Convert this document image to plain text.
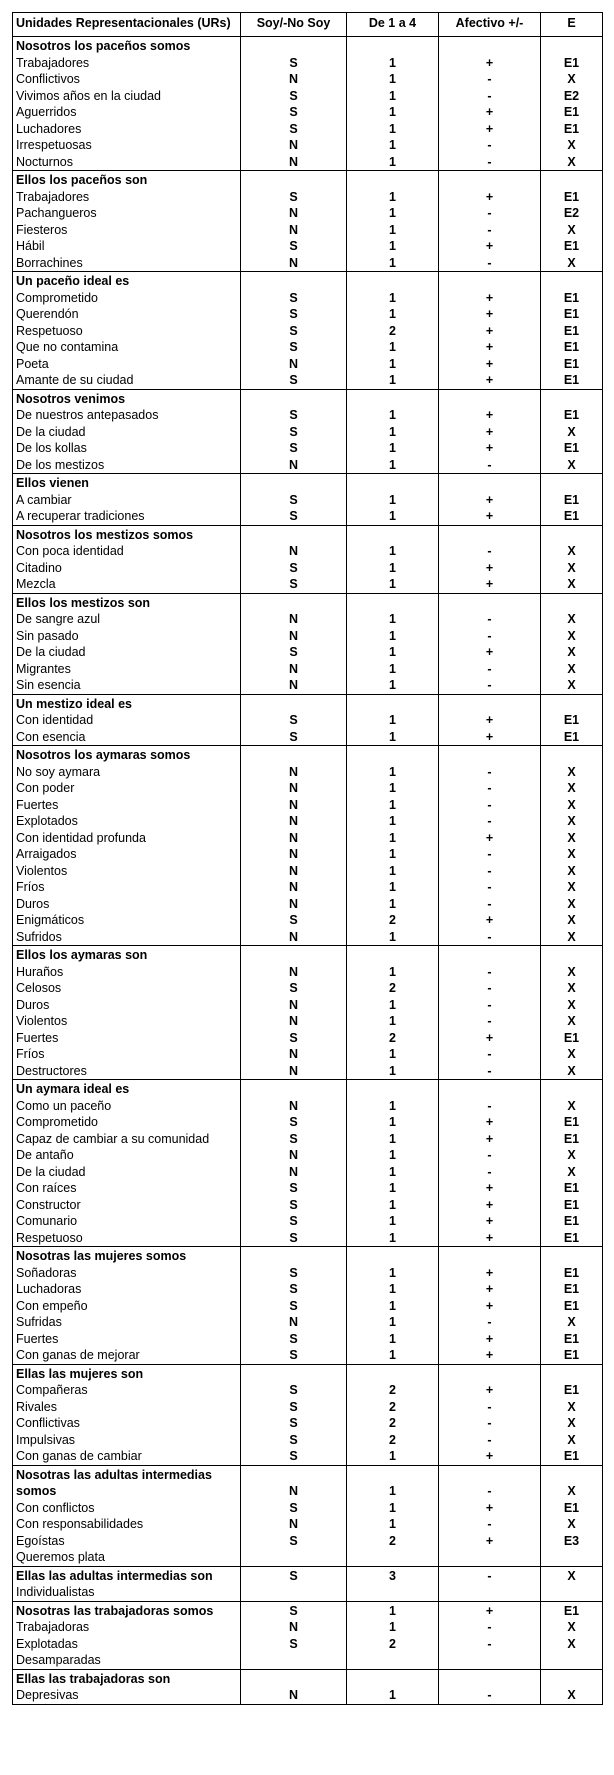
Unidades Representacionales (URs)	Soy/-No Soy	De 1 a 4	Afectivo +/-	E
Nosotros los paceños somos				
Trabajadores	S	1	+	E1
Conflictivos	N	1	-	X
Vivimos años en la ciudad	S	1	-	E2
Aguerridos	S	1	+	E1
Luchadores	S	1	+	E1
Irrespetuosas	N	1	-	X
Nocturnos	N	1	-	X
Ellos los paceños son				
Trabajadores	S	1	+	E1
Pachangueros	N	1	-	E2
Fiesteros	N	1	-	X
Hábil	S	1	+	E1
Borrachines	N	1	-	X
Un paceño ideal es				
Comprometido	S	1	+	E1
Querendón	S	1	+	E1
Respetuoso	S	2	+	E1
Que no contamina	S	1	+	E1
Poeta	N	1	+	E1
Amante de su ciudad	S	1	+	E1
Nosotros venimos				
De nuestros antepasados	S	1	+	E1
De la ciudad	S	1	+	X
De los kollas	S	1	+	E1
De los mestizos	N	1	-	X
Ellos vienen				
A cambiar	S	1	+	E1
A recuperar tradiciones	S	1	+	E1
Nosotros los mestizos somos				
Con poca identidad	N	1	-	X
Citadino	S	1	+	X
Mezcla	S	1	+	X
Ellos los mestizos son				
De sangre azul	N	1	-	X
Sin pasado	N	1	-	X
De la ciudad	S	1	+	X
Migrantes	N	1	-	X
Sin esencia	N	1	-	X
Un mestizo ideal es				
Con identidad	S	1	+	E1
Con esencia	S	1	+	E1
Nosotros los aymaras somos				
No soy aymara	N	1	-	X
Con poder	N	1	-	X
Fuertes	N	1	-	X
Explotados	N	1	-	X
Con identidad profunda	N	1	+	X
Arraigados	N	1	-	X
Violentos	N	1	-	X
Fríos	N	1	-	X
Duros	N	1	-	X
Enigmáticos	S	2	+	X
Sufridos	N	1	-	X
Ellos los aymaras son				
Huraños	N	1	-	X
Celosos	S	2	-	X
Duros	N	1	-	X
Violentos	N	1	-	X
Fuertes	S	2	+	E1
Fríos	N	1	-	X
Destructores	N	1	-	X
Un aymara ideal es				
Como un paceño	N	1	-	X
Comprometido	S	1	+	E1
Capaz de cambiar a su comunidad	S	1	+	E1
De antaño	N	1	-	X
De la ciudad	N	1	-	X
Con raíces	S	1	+	E1
Constructor	S	1	+	E1
Comunario	S	1	+	E1
Respetuoso	S	1	+	E1
Nosotras las mujeres somos				
Soñadoras	S	1	+	E1
Luchadoras	S	1	+	E1
Con empeño	S	1	+	E1
Sufridas	N	1	-	X
Fuertes	S	1	+	E1
Con ganas de mejorar	S	1	+	E1
Ellas las mujeres son				
Compañeras	S	2	+	E1
Rivales	S	2	-	X
Conflictivas	S	2	-	X
Impulsivas	S	2	-	X
Con ganas de cambiar	S	1	+	E1
Nosotras las adultas intermedias somos	N	1	-	X
Con conflictos	S	1	+	E1
Con responsabilidades	N	1	-	X
Egoístas	S	2	+	E3
Queremos plata				
Ellas las adultas intermedias son	S	3	-	X
Individualistas				
Nosotras las trabajadoras somos	S	1	+	E1
Trabajadoras	N	1	-	X
Explotadas	S	2	-	X
Desamparadas				
Ellas las trabajadoras son				
Depresivas	N	1	-	X
